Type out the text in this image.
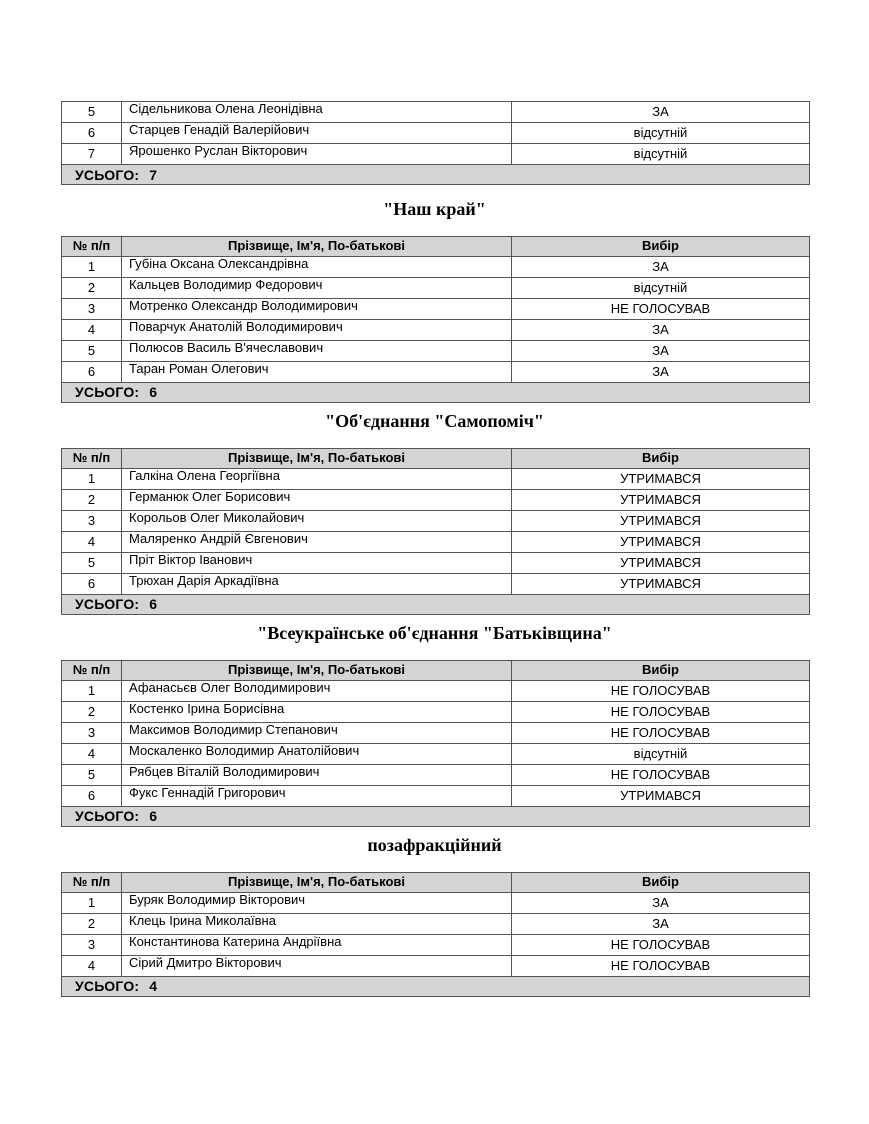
5	Сідельникова Олена Леонідівна	ЗА
6	Старцев Генадій Валерійович	відсутній
7	Ярошенко Руслан Вікторович	відсутній
УСЬОГО: 7		
"Наш край"
№ п/п	Прізвище, Ім'я, По-батькові	Вибір
1	Губіна Оксана Олександрівна	ЗА
2	Кальцев Володимир Федорович	відсутній
3	Мотренко Олександр Володимирович	НЕ ГОЛОСУВАВ
4	Поварчук Анатолій Володимирович	ЗА
5	Полюсов Василь В'ячеславович	ЗА
6	Таран Роман Олегович	ЗА
УСЬОГО: 6		
"Об'єднання "Самопоміч"
№ п/п	Прізвище, Ім'я, По-батькові	Вибір
1	Галкіна Олена Георгіївна	УТРИМАВСЯ
2	Германюк Олег Борисович	УТРИМАВСЯ
3	Корольов Олег Миколайович	УТРИМАВСЯ
4	Маляренко Андрій Євгенович	УТРИМАВСЯ
5	Пріт Віктор Іванович	УТРИМАВСЯ
6	Трюхан Дарія Аркадіївна	УТРИМАВСЯ
УСЬОГО: 6		
"Всеукраїнське об'єднання "Батьківщина"
№ п/п	Прізвище, Ім'я, По-батькові	Вибір
1	Афанасьєв Олег Володимирович	НЕ ГОЛОСУВАВ
2	Костенко Ірина Борисівна	НЕ ГОЛОСУВАВ
3	Максимов Володимир Степанович	НЕ ГОЛОСУВАВ
4	Москаленко Володимир Анатолійович	відсутній
5	Рябцев Віталій Володимирович	НЕ ГОЛОСУВАВ
6	Фукс Геннадій Григорович	УТРИМАВСЯ
УСЬОГО: 6		
позафракційний
№ п/п	Прізвище, Ім'я, По-батькові	Вибір
1	Буряк Володимир Вікторович	ЗА
2	Клець Ірина Миколаївна	ЗА
3	Константинова Катерина Андріївна	НЕ ГОЛОСУВАВ
4	Сірий Дмитро Вікторович	НЕ ГОЛОСУВАВ
УСЬОГО: 4		
